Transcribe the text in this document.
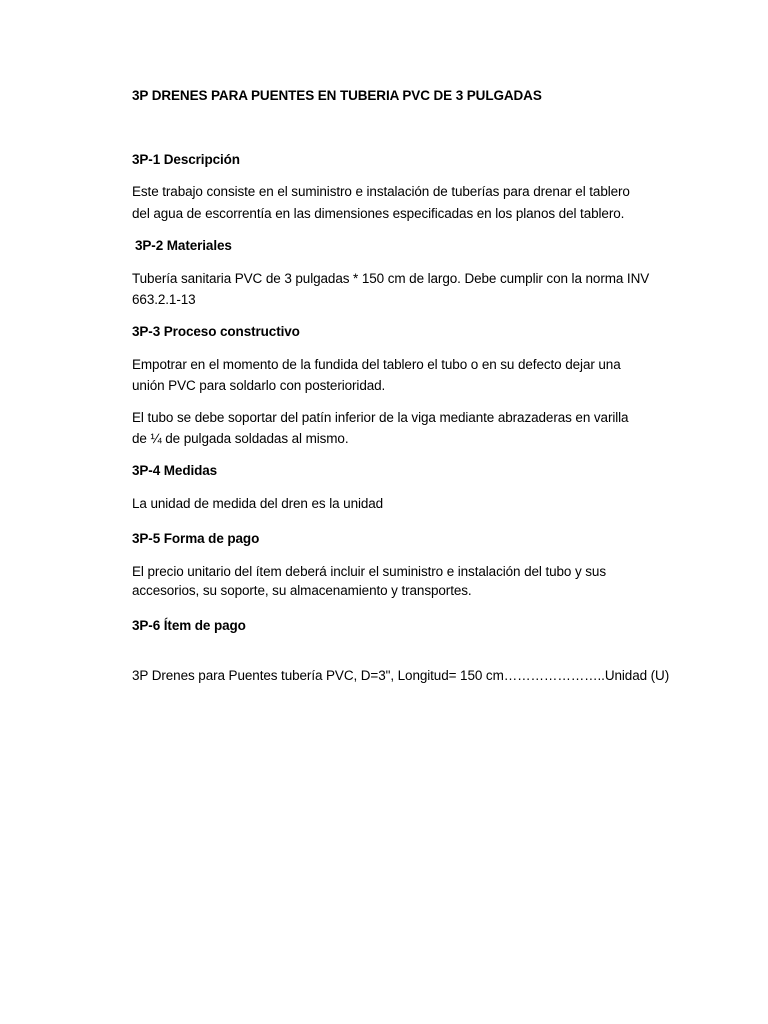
3P DRENES PARA PUENTES EN TUBERIA PVC DE 3 PULGADAS

3P-1 Descripción

Este trabajo consiste en el suministro e instalación de tuberías para drenar el tablero

del agua de escorrentía en las dimensiones especificadas en los planos del tablero.

3P-2 Materiales

Tubería sanitaria PVC de 3 pulgadas * 150 cm de largo. Debe cumplir con la norma INV

663.2.1-13

3P-3 Proceso constructivo

Empotrar en el momento de la fundida del tablero el tubo o en su defecto dejar una

unión PVC para soldarlo con posterioridad.

El tubo se debe soportar del patín inferior de la viga mediante abrazaderas en varilla

de ¼ de pulgada soldadas al mismo.

3P-4 Medidas

La unidad de medida del dren es la unidad

3P-5 Forma de pago

El precio unitario del ítem deberá incluir el suministro e instalación del tubo y sus

accesorios, su soporte, su almacenamiento y transportes.

3P-6 Ítem de pago

3P Drenes para Puentes tubería PVC, D=3", Longitud= 150 cm…………………..Unidad (U)
